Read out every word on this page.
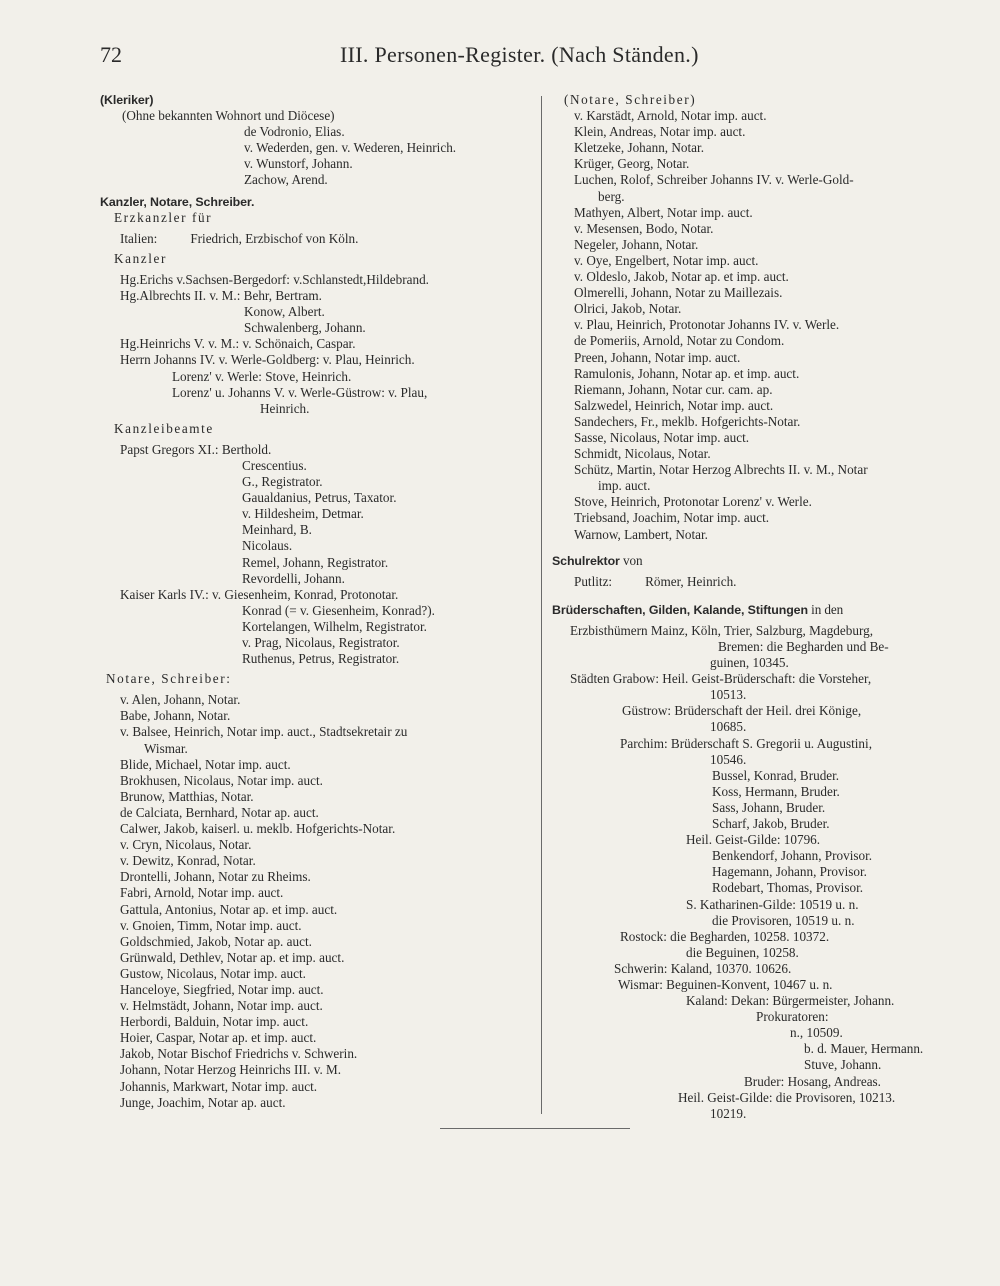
72	III. Personen-Register. (Nach Ständen.)
(Kleriker)
(Ohne bekannten Wohnort und Diöcese)
de Vodronio, Elias.
v. Wederden, gen. v. Wederen, Heinrich.
v. Wunstorf, Johann.
Zachow, Arend.
Kanzler, Notare, Schreiber.
Erzkanzler für
Italien:          Friedrich, Erzbischof von Köln.
Kanzler
Hg.Erichs v.Sachsen-Bergedorf: v.Schlanstedt,Hildebrand.
Hg.Albrechts II. v. M.: Behr, Bertram.
Konow, Albert.
Schwalenberg, Johann.
Hg.Heinrichs V. v. M.: v. Schönaich, Caspar.
Herrn Johanns IV. v. Werle-Goldberg: v. Plau, Heinrich.
Lorenz' v. Werle: Stove, Heinrich.
Lorenz' u. Johanns V. v. Werle-Güstrow: v. Plau,
Heinrich.
Kanzleibeamte
Papst Gregors XI.: Berthold.
Crescentius.
G., Registrator.
Gaualdanius, Petrus, Taxator.
v. Hildesheim, Detmar.
Meinhard, B.
Nicolaus.
Remel, Johann, Registrator.
Revordelli, Johann.
Kaiser Karls IV.: v. Giesenheim, Konrad, Protonotar.
Konrad (= v. Giesenheim, Konrad?).
Kortelangen, Wilhelm, Registrator.
v. Prag, Nicolaus, Registrator.
Ruthenus, Petrus, Registrator.
Notare, Schreiber:
v. Alen, Johann, Notar.
Babe, Johann, Notar.
v. Balsee, Heinrich, Notar imp. auct., Stadtsekretair zu
Wismar.
Blide, Michael, Notar imp. auct.
Brokhusen, Nicolaus, Notar imp. auct.
Brunow, Matthias, Notar.
de Calciata, Bernhard, Notar ap. auct.
Calwer, Jakob, kaiserl. u. meklb. Hofgerichts-Notar.
v. Cryn, Nicolaus, Notar.
v. Dewitz, Konrad, Notar.
Drontelli, Johann, Notar zu Rheims.
Fabri, Arnold, Notar imp. auct.
Gattula, Antonius, Notar ap. et imp. auct.
v. Gnoien, Timm, Notar imp. auct.
Goldschmied, Jakob, Notar ap. auct.
Grünwald, Dethlev, Notar ap. et imp. auct.
Gustow, Nicolaus, Notar imp. auct.
Hanceloye, Siegfried, Notar imp. auct.
v. Helmstädt, Johann, Notar imp. auct.
Herbordi, Balduin, Notar imp. auct.
Hoier, Caspar, Notar ap. et imp. auct.
Jakob, Notar Bischof Friedrichs v. Schwerin.
Johann, Notar Herzog Heinrichs III. v. M.
Johannis, Markwart, Notar imp. auct.
Junge, Joachim, Notar ap. auct.
(Notare, Schreiber)
v. Karstädt, Arnold, Notar imp. auct.
Klein, Andreas, Notar imp. auct.
Kletzeke, Johann, Notar.
Krüger, Georg, Notar.
Luchen, Rolof, Schreiber Johanns IV. v. Werle-Gold-
berg.
Mathyen, Albert, Notar imp. auct.
v. Mesensen, Bodo, Notar.
Negeler, Johann, Notar.
v. Oye, Engelbert, Notar imp. auct.
v. Oldeslo, Jakob, Notar ap. et imp. auct.
Olmerelli, Johann, Notar zu Maillezais.
Olrici, Jakob, Notar.
v. Plau, Heinrich, Protonotar Johanns IV. v. Werle.
de Pomeriis, Arnold, Notar zu Condom.
Preen, Johann, Notar imp. auct.
Ramulonis, Johann, Notar ap. et imp. auct.
Riemann, Johann, Notar cur. cam. ap.
Salzwedel, Heinrich, Notar imp. auct.
Sandechers, Fr., meklb. Hofgerichts-Notar.
Sasse, Nicolaus, Notar imp. auct.
Schmidt, Nicolaus, Notar.
Schütz, Martin, Notar Herzog Albrechts II. v. M., Notar
imp. auct.
Stove, Heinrich, Protonotar Lorenz' v. Werle.
Triebsand, Joachim, Notar imp. auct.
Warnow, Lambert, Notar.
Schulrektor von
Putlitz:          Römer, Heinrich.
Brüderschaften, Gilden, Kalande, Stiftungen in den
Erzbisthümern Mainz, Köln, Trier, Salzburg, Magdeburg,
Bremen: die Begharden und Be-
guinen, 10345.
Städten Grabow: Heil. Geist-Brüderschaft: die Vorsteher,
10513.
Güstrow: Brüderschaft der Heil. drei Könige,
10685.
Parchim: Brüderschaft S. Gregorii u. Augustini,
10546.
Bussel, Konrad, Bruder.
Koss, Hermann, Bruder.
Sass, Johann, Bruder.
Scharf, Jakob, Bruder.
Heil. Geist-Gilde: 10796.
Benkendorf, Johann, Provisor.
Hagemann, Johann, Provisor.
Rodebart, Thomas, Provisor.
S. Katharinen-Gilde: 10519 u. n.
die Provisoren, 10519 u. n.
Rostock: die Begharden, 10258. 10372.
die Beguinen, 10258.
Schwerin: Kaland, 10370. 10626.
Wismar: Beguinen-Konvent, 10467 u. n.
Kaland: Dekan: Bürgermeister, Johann.
Prokuratoren:
n., 10509.
b. d. Mauer, Hermann.
Stuve, Johann.
Bruder: Hosang, Andreas.
Heil. Geist-Gilde: die Provisoren, 10213.
10219.
